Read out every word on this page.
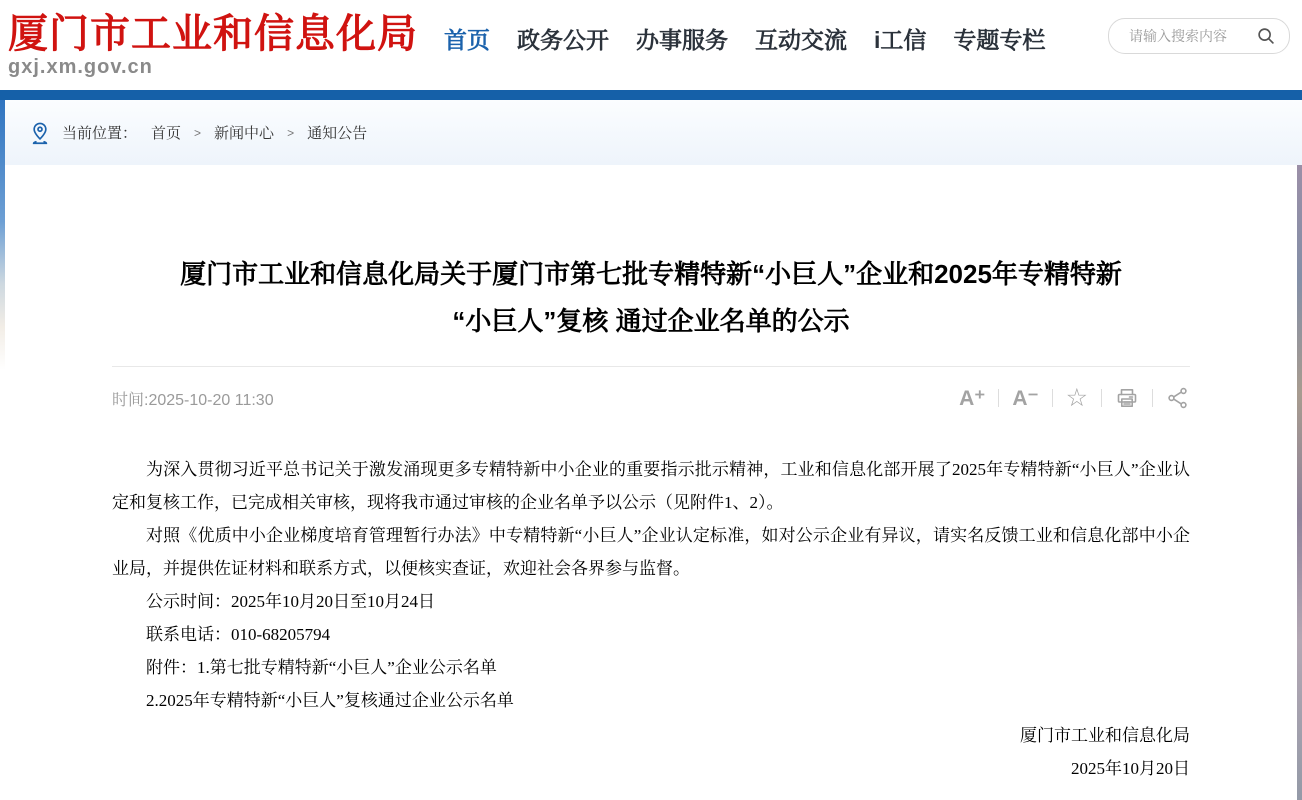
厦门市工业和信息化局
gxj.xm.gov.cn
首页 政务公开 办事服务 互动交流 i工信 专题专栏
请输入搜索内容
当前位置： 首页 > 新闻中心 > 通知公告
厦门市工业和信息化局关于厦门市第七批专精特新“小巨人”企业和2025年专精特新
“小巨人”复核 通过企业名单的公示
时间:2025-10-20 11:30	A⁺ A⁻ ☆

为深入贯彻习近平总书记关于激发涌现更多专精特新中小企业的重要指示批示精神，工业和信息化部开展了2025年专精特新“小巨人”企业认定和复核工作，已完成相关审核，现将我市通过审核的企业名单予以公示（见附件1、2）。

对照《优质中小企业梯度培育管理暂行办法》中专精特新“小巨人”企业认定标准，如对公示企业有异议，请实名反馈工业和信息化部中小企业局，并提供佐证材料和联系方式，以便核实查证，欢迎社会各界参与监督。

公示时间：2025年10月20日至10月24日

联系电话：010-68205794

附件：1.第七批专精特新“小巨人”企业公示名单

2.2025年专精特新“小巨人”复核通过企业公示名单

厦门市工业和信息化局
2025年10月20日
